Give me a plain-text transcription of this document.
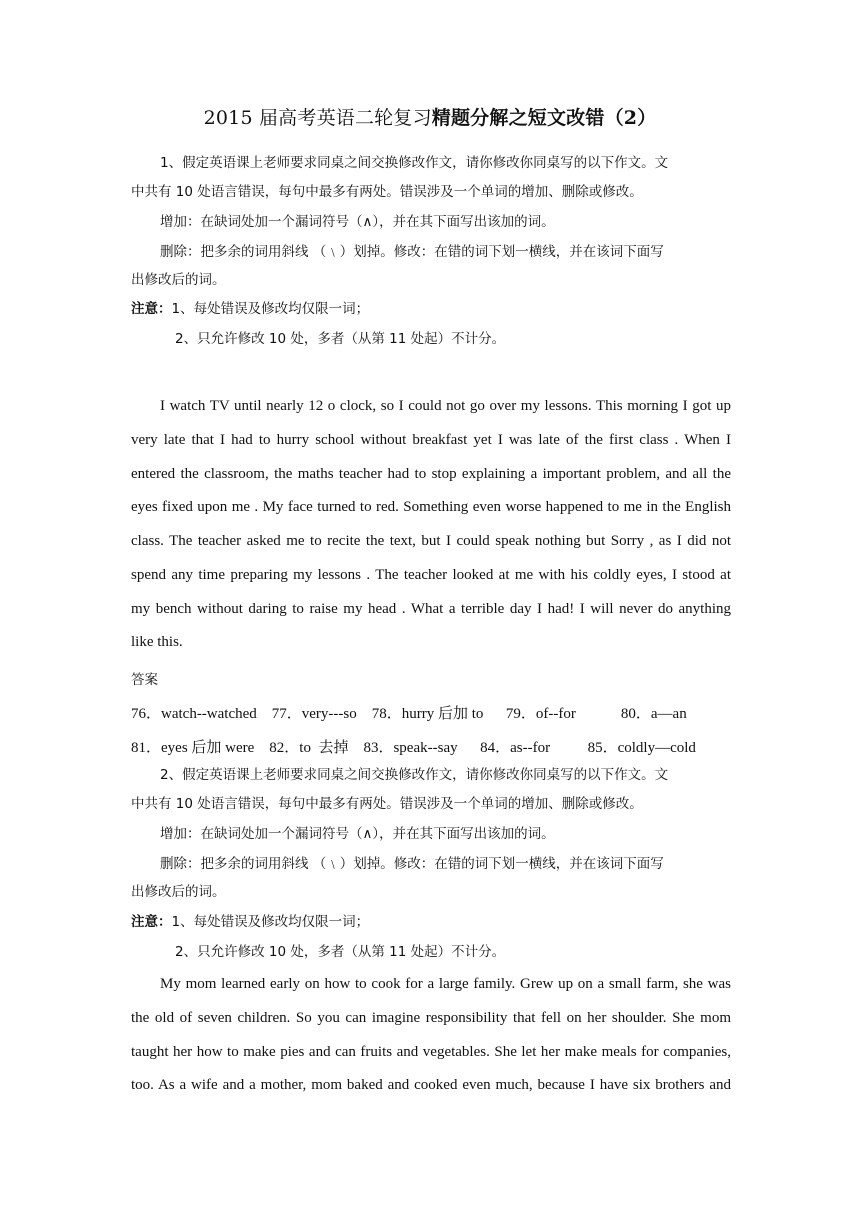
2015 届高考英语二轮复习精题分解之短文改错（2）
1、假定英语课上老师要求同桌之间交换修改作文，请你修改你同桌写的以下作文。文
中共有 10 处语言错误，每句中最多有两处。错误涉及一个单词的增加、删除或修改。
增加：在缺词处加一个漏词符号（∧），并在其下面写出该加的词。
删除：把多余的词用斜线 （﹨）划掉。修改：在错的词下划一横线，并在该词下面写
出修改后的词。
注意：1、每处错误及修改均仅限一词；
2、只允许修改 10 处，多者（从第 11 处起）不计分。
I watch TV until nearly 12 o clock, so I could not go over my lessons. This morning I got up
very late that I had to hurry school without breakfast yet I was late of the first class . When I
entered the classroom, the maths teacher had to stop explaining a important problem, and all the
eyes fixed upon me . My face turned to red. Something even worse happened to me in the English
class. The teacher asked me to recite the text, but I could speak nothing but Sorry , as I did not
spend any time preparing my lessons . The teacher looked at me with his coldly eyes, I stood at
my bench without daring to raise my head . What a terrible day I had! I will never do anything
like this.
答案
76．watch--watched    77．very---so    78．hurry 后加 to      79．of--for            80．a—an
81．eyes 后加 were    82．to  去掉    83．speak--say      84．as--for          85．coldly—cold
2、假定英语课上老师要求同桌之间交换修改作文，请你修改你同桌写的以下作文。文
中共有 10 处语言错误，每句中最多有两处。错误涉及一个单词的增加、删除或修改。
增加：在缺词处加一个漏词符号（∧），并在其下面写出该加的词。
删除：把多余的词用斜线 （﹨）划掉。修改：在错的词下划一横线，并在该词下面写
出修改后的词。
注意：1、每处错误及修改均仅限一词；
2、只允许修改 10 处，多者（从第 11 处起）不计分。
My mom learned early on how to cook for a large family. Grew up on a small farm, she was
the old of seven children. So you can imagine responsibility that fell on her shoulder. She mom
taught her how to make pies and can fruits and vegetables. She let her make meals for companies,
too. As a wife and a mother, mom baked and cooked even much, because I have six brothers and
